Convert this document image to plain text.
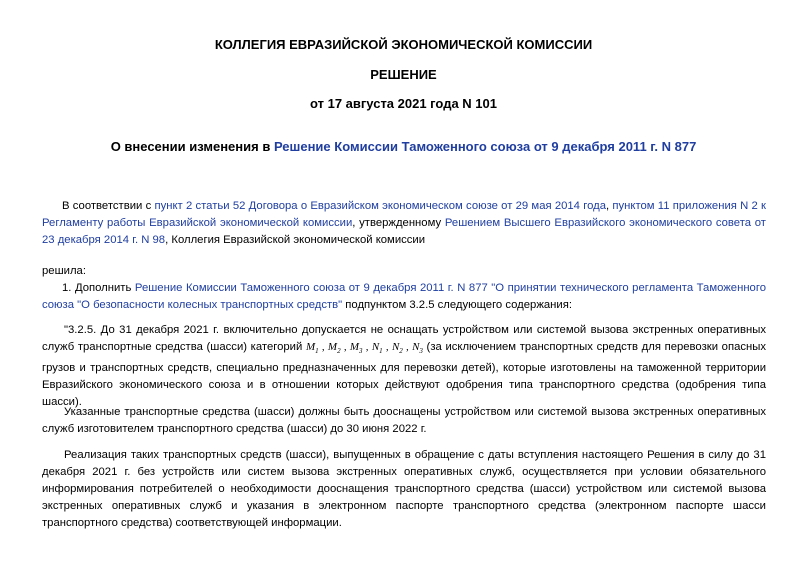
КОЛЛЕГИЯ ЕВРАЗИЙСКОЙ ЭКОНОМИЧЕСКОЙ КОМИССИИ
РЕШЕНИЕ
от 17 августа 2021 года N 101
О внесении изменения в Решение Комиссии Таможенного союза от 9 декабря 2011 г. N 877
В соответствии с пункт 2 статьи 52 Договора о Евразийском экономическом союзе от 29 мая 2014 года, пунктом 11 приложения N 2 к Регламенту работы Евразийской экономической комиссии, утвержденному Решением Высшего Евразийского экономического совета от 23 декабря 2014 г. N 98, Коллегия Евразийской экономической комиссии
решила:
1. Дополнить Решение Комиссии Таможенного союза от 9 декабря 2011 г. N 877 "О принятии технического регламента Таможенного союза "О безопасности колесных транспортных средств" подпунктом 3.2.5 следующего содержания:
"3.2.5. До 31 декабря 2021 г. включительно допускается не оснащать устройством или системой вызова экстренных оперативных служб транспортные средства (шасси) категорий $M_1$ , $M_2$ , $M_3$ , $N_1$ , $N_2$ , $N_3$ (за исключением транспортных средств для перевозки опасных грузов и транспортных средств, специально предназначенных для перевозки детей), которые изготовлены на таможенной территории Евразийского экономического союза и в отношении которых действуют одобрения типа транспортного средства (одобрения типа шасси).
Указанные транспортные средства (шасси) должны быть дооснащены устройством или системой вызова экстренных оперативных служб изготовителем транспортного средства (шасси) до 30 июня 2022 г.
Реализация таких транспортных средств (шасси), выпущенных в обращение с даты вступления настоящего Решения в силу до 31 декабря 2021 г. без устройств или систем вызова экстренных оперативных служб, осуществляется при условии обязательного информирования потребителей о необходимости дооснащения транспортного средства (шасси) устройством или системой вызова экстренных оперативных служб и указания в электронном паспорте транспортного средства (электронном паспорте шасси транспортного средства) соответствующей информации.
